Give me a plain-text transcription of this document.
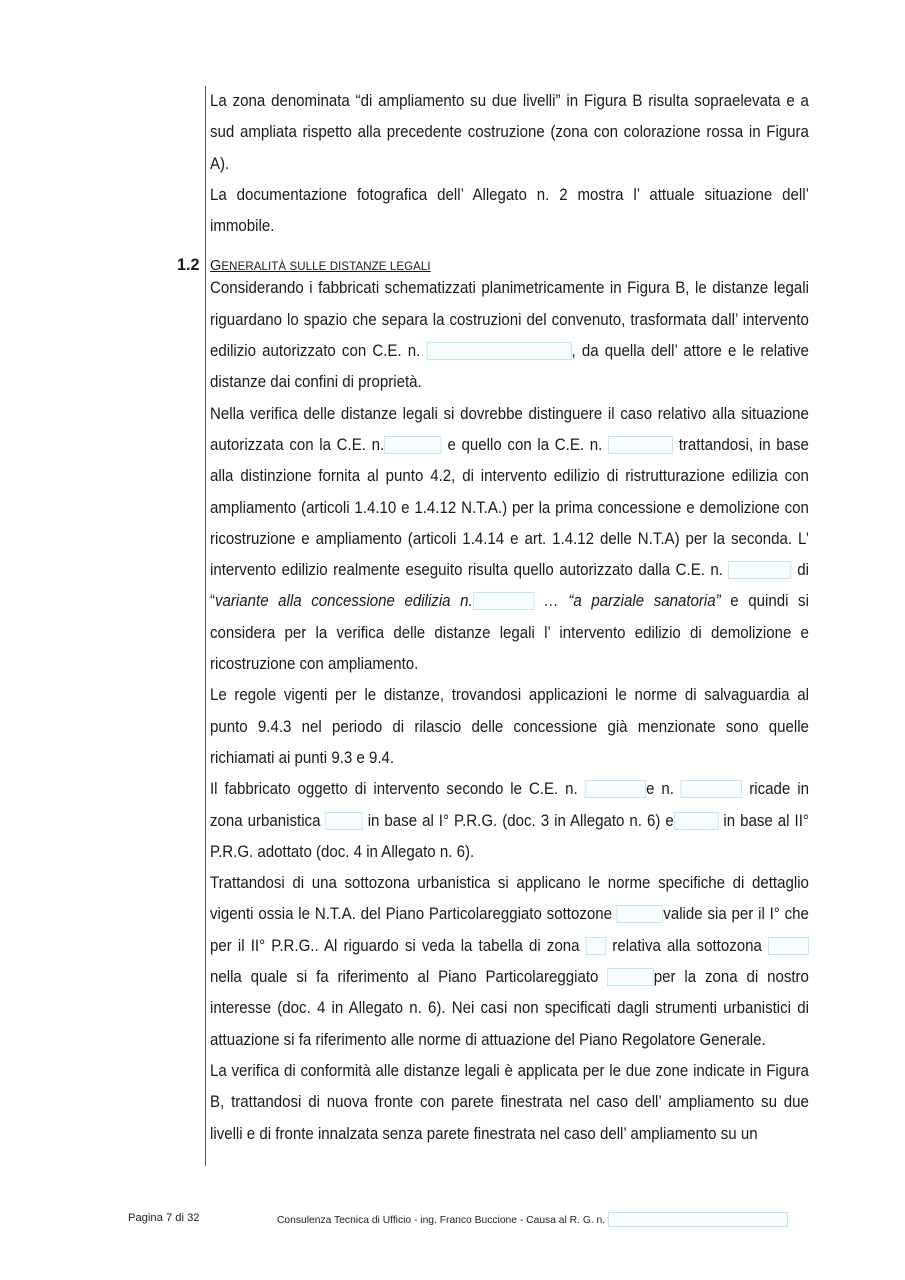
1.2 GENERALITÀ SULLE DISTANZE LEGALI

La zona denominata “di ampliamento su due livelli” in Figura B risulta sopraelevata e a sud ampliata rispetto alla precedente costruzione (zona con colorazione rossa in Figura A).

La documentazione fotografica dell’ Allegato n. 2 mostra l’ attuale situazione dell’ immobile.

Considerando i fabbricati schematizzati planimetricamente in Figura B, le distanze legali riguardano lo spazio che separa la costruzioni del convenuto, trasformata dall’ intervento edilizio autorizzato con C.E. n.	, da quella dell’ attore e le relative distanze dai confini di proprietà.

Nella verifica delle distanze legali si dovrebbe distinguere il caso relativo alla situazione autorizzata con la C.E. n.	e quello con la C.E. n.	trattandosi, in base alla distinzione fornita al punto 4.2, di intervento edilizio di ristrutturazione edilizia con ampliamento (articoli 1.4.10 e 1.4.12 N.T.A.) per la prima concessione e demolizione con ricostruzione e ampliamento (articoli 1.4.14 e art. 1.4.12 delle N.T.A) per la seconda. L’ intervento edilizio realmente eseguito risulta quello autorizzato dalla C.E. n.	di “variante alla concessione edilizia n.	… “a parziale sanatoria” e quindi si considera per la verifica delle distanze legali l’ intervento edilizio di demolizione e ricostruzione con ampliamento.

Le regole vigenti per le distanze, trovandosi applicazioni le norme di salvaguardia al punto 9.4.3 nel periodo di rilascio delle concessione già menzionate sono quelle richiamati ai punti 9.3 e 9.4.

Il fabbricato oggetto di intervento secondo le C.E. n.	e n.	ricade in zona urbanistica	in base al I° P.R.G. (doc. 3 in Allegato n. 6) e	in base al II° P.R.G. adottato (doc. 4 in Allegato n. 6).

Trattandosi di una sottozona urbanistica si applicano le norme specifiche di dettaglio vigenti ossia le N.T.A. del Piano Particolareggiato sottozone	valide sia per il I° che per il II° P.R.G.. Al riguardo si veda la tabella di zona relativa alla sottozona  nella quale si fa riferimento al Piano Particolareggiato	per la zona di nostro interesse (doc. 4 in Allegato n. 6). Nei casi non specificati dagli strumenti urbanistici di attuazione si fa riferimento alle norme di attuazione del Piano Regolatore Generale.

La verifica di conformità alle distanze legali è applicata per le due zone indicate in Figura B, trattandosi di nuova fronte con parete finestrata nel caso dell’ ampliamento su due livelli e di fronte innalzata senza parete finestrata nel caso dell’ ampliamento su un

Pagina 7 di 32	Consulenza Tecnica di Ufficio - ing. Franco Buccione - Causa al R. G. n.
